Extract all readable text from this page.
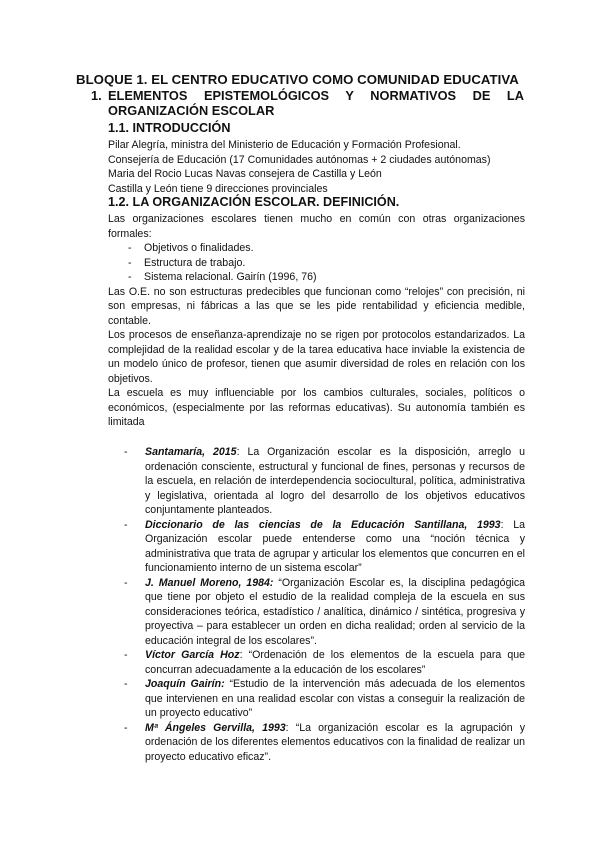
BLOQUE 1. EL CENTRO EDUCATIVO COMO COMUNIDAD EDUCATIVA
1. ELEMENTOS EPISTEMOLÓGICOS Y NORMATIVOS DE LA
ORGANIZACIÓN ESCOLAR
1.1. INTRODUCCIÓN
Pilar Alegría, ministra del Ministerio de Educación y Formación Profesional.
Consejería de Educación (17 Comunidades autónomas + 2 ciudades autónomas)
Maria del Rocio Lucas Navas consejera de Castilla y León
Castilla y León tiene 9 direcciones provinciales
1.2. LA ORGANIZACIÓN ESCOLAR. DEFINICIÓN.

Las organizaciones escolares tienen mucho en común con otras organizaciones formales:

- Objetivos o finalidades.
- Estructura de trabajo.
- Sistema relacional. Gairín (1996, 76)

Las O.E. no son estructuras predecibles que funcionan como “relojes” con precisión, ni son empresas, ni fábricas a las que se les pide rentabilidad y eficiencia medible, contable.

Los procesos de enseñanza-aprendizaje no se rigen por protocolos estandarizados. La complejidad de la realidad escolar y de la tarea educativa hace inviable la existencia de un modelo único de profesor, tienen que asumir diversidad de roles en relación con los objetivos.

La escuela es muy influenciable por los cambios culturales, sociales, políticos o económicos, (especialmente por las reformas educativas). Su autonomía también es limitada

- Santamaría, 2015: La Organización escolar es la disposición, arreglo u ordenación consciente, estructural y funcional de fines, personas y recursos de la escuela, en relación de interdependencia sociocultural, política, administrativa y legislativa, orientada al logro del desarrollo de los objetivos educativos conjuntamente planteados.
- Diccionario de las ciencias de la Educación Santillana, 1993: La Organización escolar puede entenderse como una “noción técnica y administrativa que trata de agrupar y articular los elementos que concurren en el funcionamiento interno de un sistema escolar”
- J. Manuel Moreno, 1984: “Organización Escolar es, la disciplina pedagógica que tiene por objeto el estudio de la realidad compleja de la escuela en sus consideraciones teórica, estadístico / analítica, dinámico / sintética, progresiva y proyectiva – para establecer un orden en dicha realidad; orden al servicio de la educación integral de los escolares”.
- Víctor García Hoz: “Ordenación de los elementos de la escuela para que concurran adecuadamente a la educación de los escolares”
- Joaquín Gairín: “Estudio de la intervención más adecuada de los elementos que intervienen en una realidad escolar con vistas a conseguir la realización de un proyecto educativo”
- Mª Ángeles Gervilla, 1993: “La organización escolar es la agrupación y ordenación de los diferentes elementos educativos con la finalidad de realizar un proyecto educativo eficaz”.
